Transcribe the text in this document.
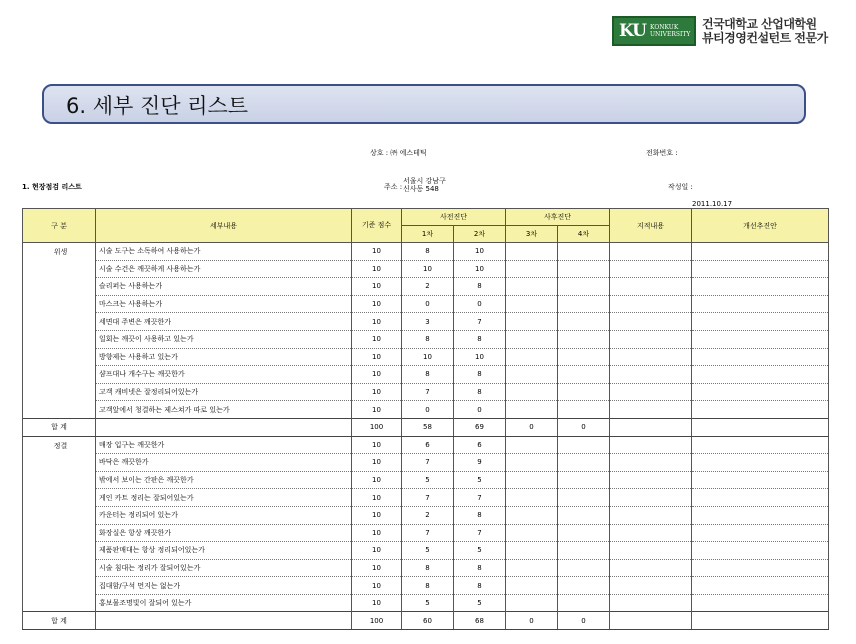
KU KONKUK
UNIVERSITY
건국대학교 산업대학원
뷰티경영컨설턴트 전문가
6. 세부 진단 리스트
상호 : ㈜ 에스테틱	전화번호 :
1. 현장점검 리스트	주소 :
서울시 강남구
신사동 548	작성일 :
2011.10.17
구 분	세부내용	기준 점수	사전진단		사후진단		지적내용	개선추진안
			1차	2차	3차	4차		
위생	시술 도구는 소독하여 사용하는가	10	8	10				
	시술 수건은 깨끗하게 사용하는가	10	10	10				
	슬리퍼는 사용하는가	10	2	8				
	마스크는 사용하는가	10	0	0				
	세면대 주변은 깨끗한가	10	3	7				
	일회는 깨끗이 사용하고 있는가	10	8	8				
	방향제는 사용하고 있는가	10	10	10				
	샴프대나 개수구는 깨끗한가	10	8	8				
	고객 캐비넷은 잘정리되어있는가	10	7	8				
	고객앞에서 청결하는 제스쳐가 따로 있는가	10	0	0				
합 계		100	58	69	0	0		
정결	매장 입구는 깨끗한가	10	6	6				
	바닥은 깨끗한가	10	7	9				
	밖에서 보이는 간판은 깨끗한가	10	5	5				
	게인 카트 정리는 잘되어있는가	10	7	7				
	카운터는 정리되어 있는가	10	2	8				
	화장실은 항상 깨끗한가	10	7	7				
	제품판매대는 항상 정리되어있는가	10	5	5				
	시술 침대는 정리가 잘되어있는가	10	8	8				
	집대함/구석 먼지는 없는가	10	8	8				
	홍보물조명빛이 잘되어 있는가	10	5	5				
합 계		100	60	68	0	0		
